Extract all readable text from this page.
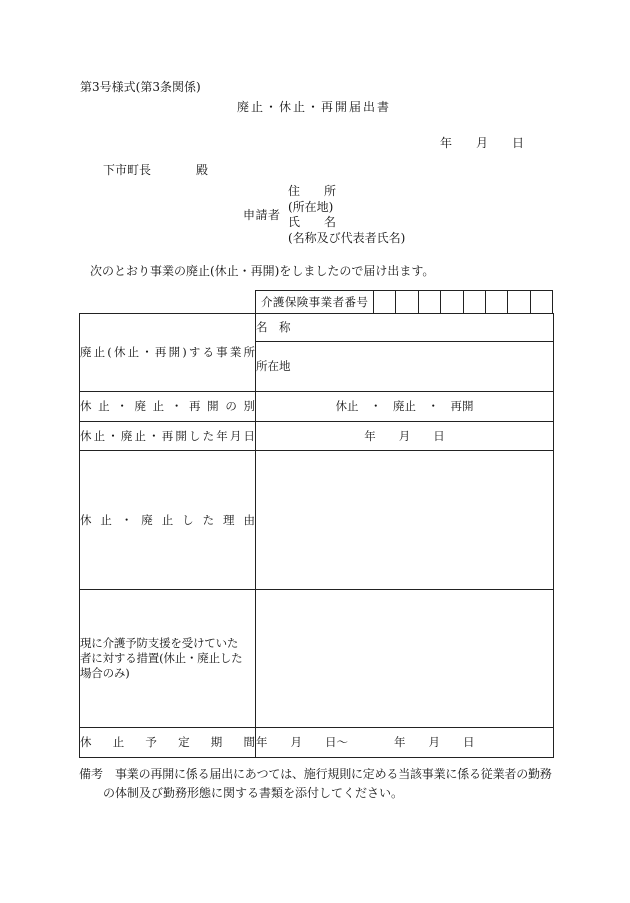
第3号様式(第3条関係)
廃止・休止・再開届出書
年　　月　　日
下市町長	殿
申請者
住　　所
(所在地)
氏　　名
(名称及び代表者氏名)
次のとおり事業の廃止(休止・再開)をしましたので届け出ます。
介護保険事業者番号
廃止(休止・再開)する事業所	名　称
	所在地
休止・廃止・再開の別	休止　・　廃止　・　再開
休止・廃止・再開した年月日	年　　月　　日
休止・廃止した理由	

現に介護予防支援を受けていた
者に対する措置(休止・廃止した
場合のみ)	

休止予定期間	年　　月　　日〜　　　　年　　月　　日
備考 事業の再開に係る届出にあつては、施行規則に定める当該事業に係る従業者の勤務
の体制及び勤務形態に関する書類を添付してください。
